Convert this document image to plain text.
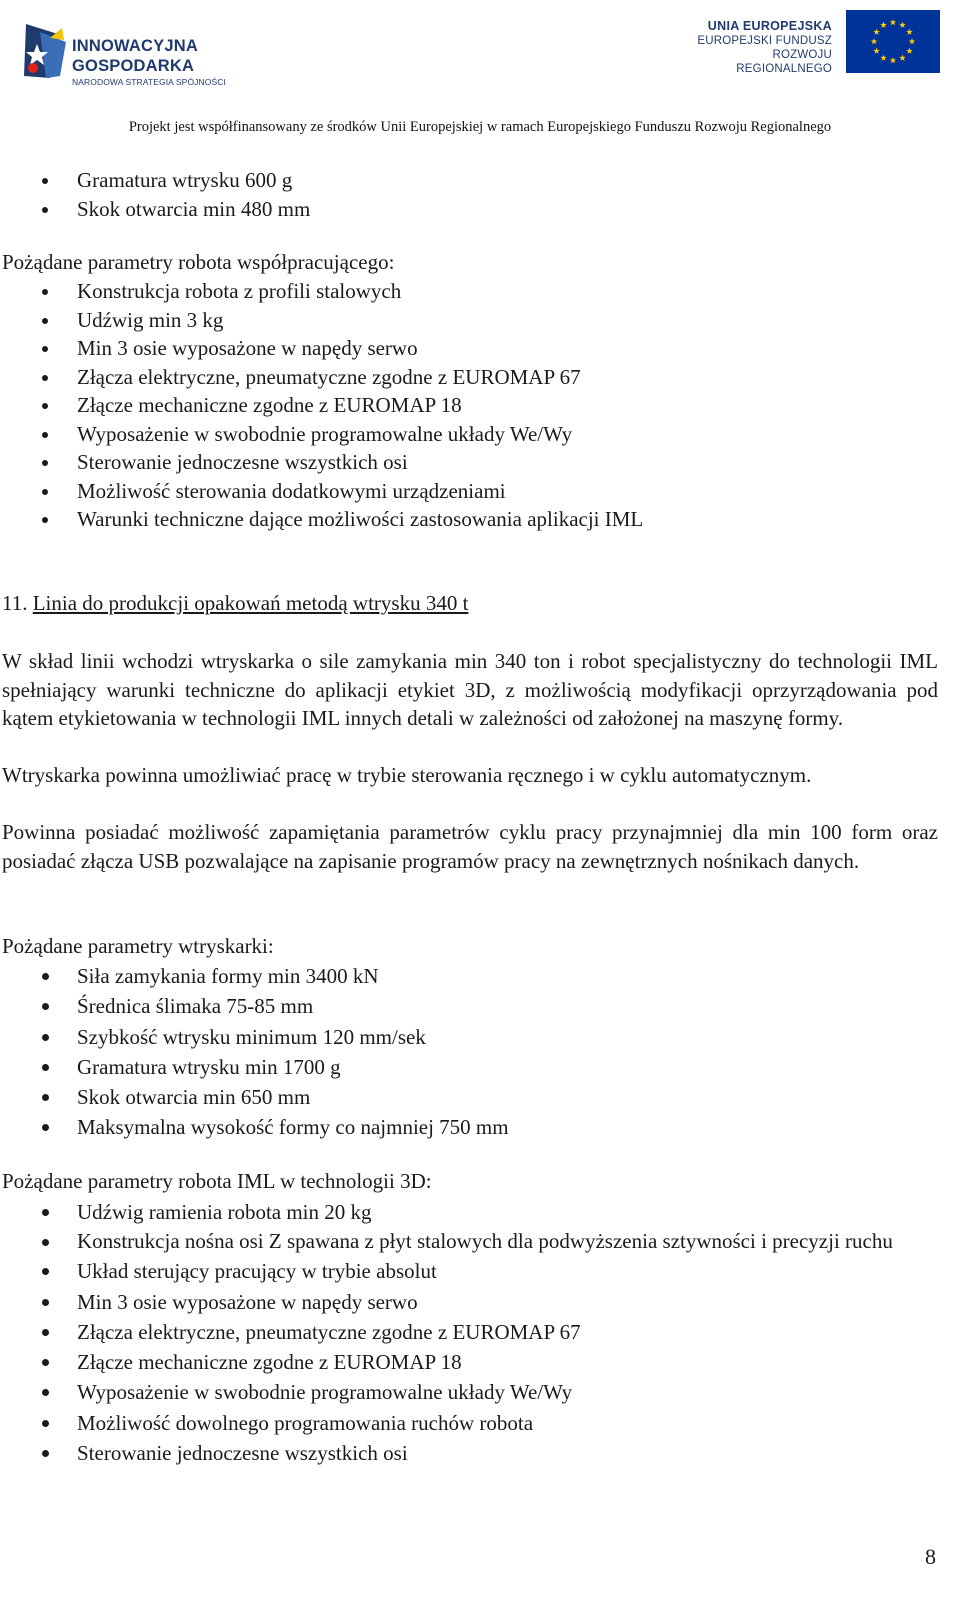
INNOWACYJNA GOSPODARKA
NARODOWA STRATEGIA SPÓJNOŚCI
UNIA EUROPEJSKA
EUROPEJSKI FUNDUSZ
ROZWOJU REGIONALNEGO
Projekt jest współfinansowany ze środków Unii Europejskiej w ramach Europejskiego Funduszu Rozwoju Regionalnego
Gramatura wtrysku 600 g
Skok otwarcia min 480 mm

Pożądane parametry robota współpracującego:

Konstrukcja robota z profili stalowych
Udźwig min 3 kg
Min 3 osie wyposażone w napędy serwo
Złącza elektryczne, pneumatyczne zgodne z EUROMAP 67
Złącze mechaniczne zgodne z EUROMAP 18
Wyposażenie w swobodnie programowalne układy We/Wy
Sterowanie jednoczesne wszystkich osi
Możliwość sterowania dodatkowymi urządzeniami
Warunki techniczne dające możliwości zastosowania aplikacji IML
11. Linia do produkcji opakowań metodą wtrysku 340 t

W skład linii wchodzi wtryskarka o sile zamykania min 340 ton i robot specjalistyczny do technologii IML spełniający warunki techniczne do aplikacji etykiet 3D, z możliwością modyfikacji oprzyrządowania pod kątem etykietowania w technologii IML innych detali w zależności od założonej na maszynę formy.

Wtryskarka powinna umożliwiać pracę w trybie sterowania ręcznego i w cyklu automatycznym.

Powinna posiadać możliwość zapamiętania parametrów cyklu pracy przynajmniej dla min 100 form oraz posiadać złącza USB pozwalające na zapisanie programów pracy na zewnętrznych nośnikach danych.

Pożądane parametry wtryskarki:

Siła zamykania formy min 3400 kN
Średnica ślimaka 75-85 mm
Szybkość wtrysku minimum 120 mm/sek
Gramatura wtrysku min 1700 g
Skok otwarcia min 650 mm
Maksymalna wysokość formy co najmniej 750 mm

Pożądane parametry robota IML w technologii 3D:

Udźwig ramienia robota min 20 kg
Konstrukcja nośna osi Z spawana z płyt stalowych dla podwyższenia sztywności i precyzji ruchu
Układ sterujący pracujący w trybie absolut
Min 3 osie wyposażone w napędy serwo
Złącza elektryczne, pneumatyczne zgodne z EUROMAP 67
Złącze mechaniczne zgodne z EUROMAP 18
Wyposażenie w swobodnie programowalne układy We/Wy
Możliwość dowolnego programowania ruchów robota
Sterowanie jednoczesne wszystkich osi
8
